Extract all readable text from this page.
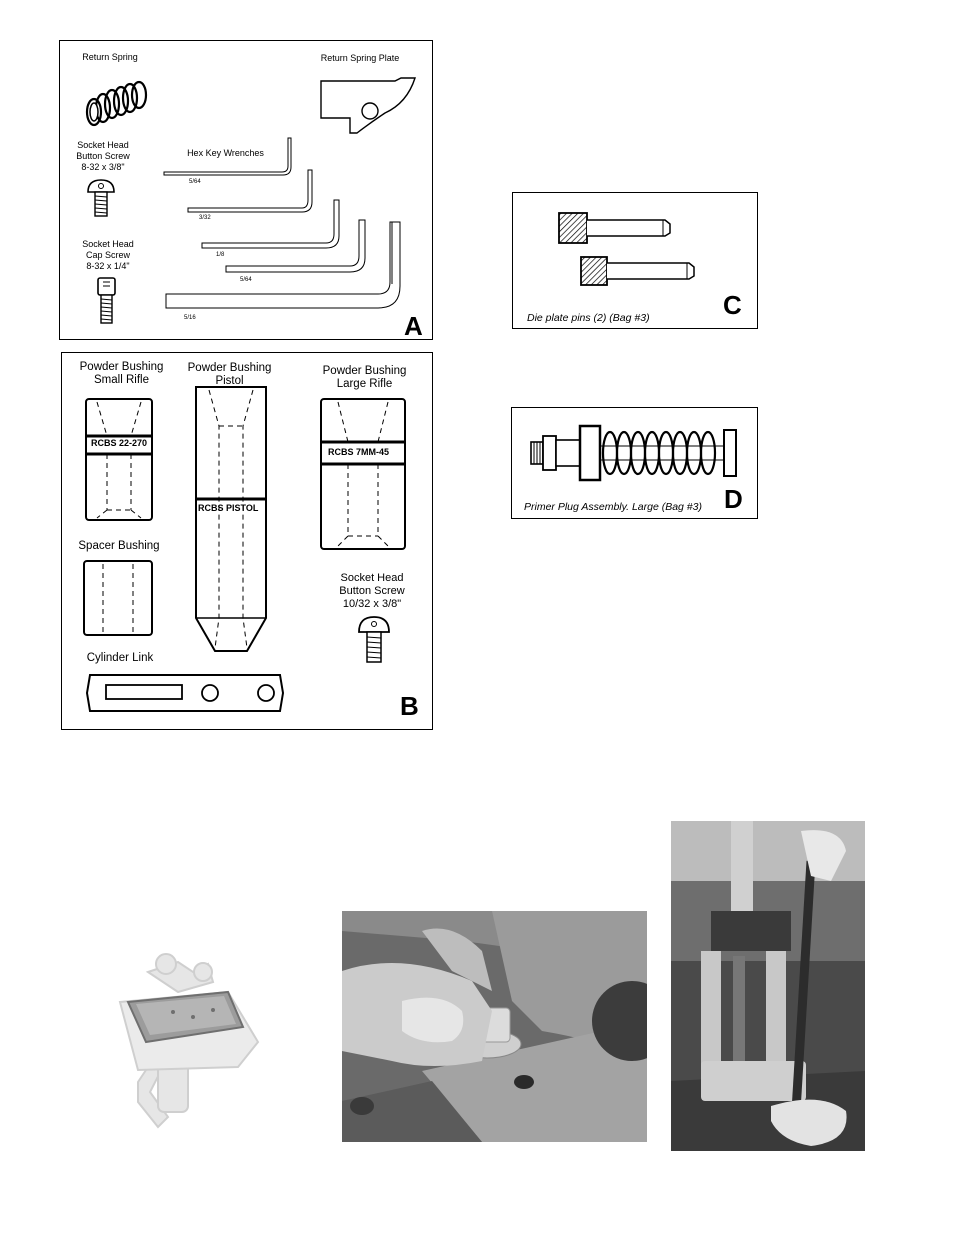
Return Spring	Return Spring Plate
Socket Head
Button Screw
8-32 x 3/8"
Socket Head
Cap Screw
8-32 x 1/4"
Hex Key Wrenches
5/64
3/32
1/8
5/64
5/16	A
Powder Bushing
Small Rifle
Powder Bushing Pistol
Powder Bushing
Large Rifle
RCBS 22-270
RCBS PISTOL
RCBS 7MM-45
Spacer Bushing
Socket Head
Button Screw
10/32 x 3/8"
Cylinder Link
B
Die plate pins (2) (Bag #3)	C
Primer Plug Assembly. Large (Bag #3) D
